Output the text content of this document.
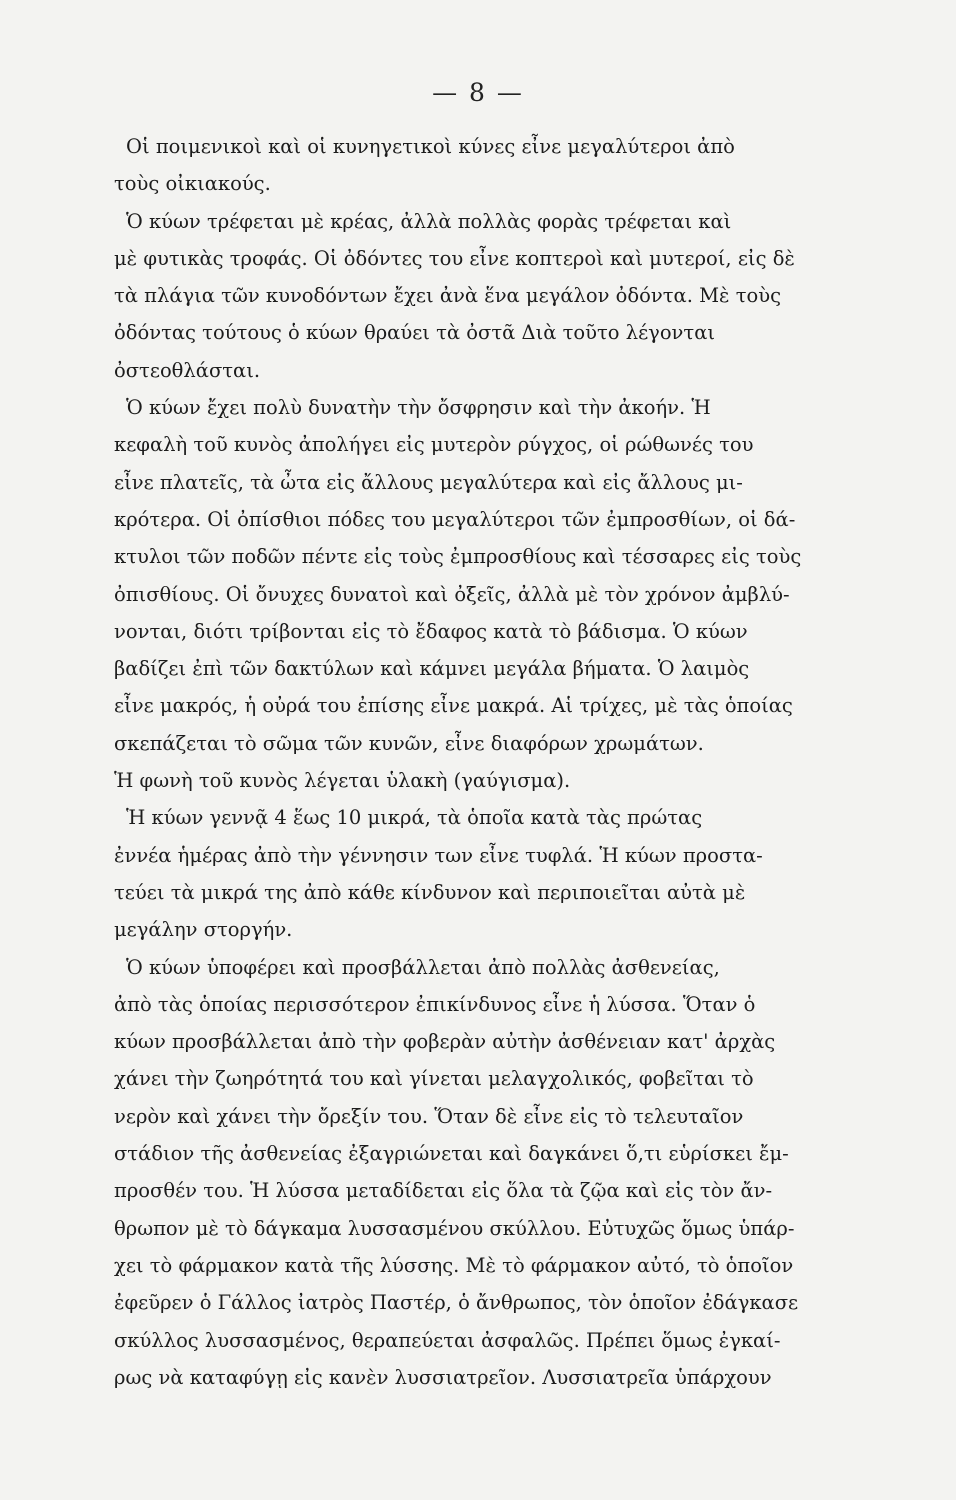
— 8 —
Οἱ ποιμενικοὶ καὶ οἱ κυνηγετικοὶ κύνες εἶνε μεγαλύτεροι ἀπὸ
τοὺς οἰκιακούς.
Ὁ κύων τρέφεται μὲ κρέας, ἀλλὰ πολλὰς φορὰς τρέφεται καὶ
μὲ φυτικὰς τροφάς. Οἱ ὀδόντες του εἶνε κοπτεροὶ καὶ μυτεροί, εἰς δὲ
τὰ πλάγια τῶν κυνοδόντων ἔχει ἀνὰ ἕνα μεγάλον ὀδόντα. Μὲ τοὺς
ὀδόντας τούτους ὁ κύων θραύει τὰ ὀστᾶ Διὰ τοῦτο λέγονται
ὀστεοθλάσται.
Ὁ κύων ἔχει πολὺ δυνατὴν τὴν ὄσφρησιν καὶ τὴν ἀκοήν. Ἡ
κεφαλὴ τοῦ κυνὸς ἀπολήγει εἰς μυτερὸν ρύγχος, οἱ ρώθωνές του
εἶνε πλατεῖς, τὰ ὦτα εἰς ἄλλους μεγαλύτερα καὶ εἰς ἄλλους μι-
κρότερα. Οἱ ὀπίσθιοι πόδες του μεγαλύτεροι τῶν ἐμπροσθίων, οἱ δά-
κτυλοι τῶν ποδῶν πέντε εἰς τοὺς ἐμπροσθίους καὶ τέσσαρες εἰς τοὺς
ὀπισθίους. Οἱ ὄνυχες δυνατοὶ καὶ ὀξεῖς, ἀλλὰ μὲ τὸν χρόνον ἀμβλύ-
νονται, διότι τρίβονται εἰς τὸ ἔδαφος κατὰ τὸ βάδισμα. Ὁ κύων
βαδίζει ἐπὶ τῶν δακτύλων καὶ κάμνει μεγάλα βήματα. Ὁ λαιμὸς
εἶνε μακρός, ἡ οὐρά του ἐπίσης εἶνε μακρά. Αἱ τρίχες, μὲ τὰς ὁποίας
σκεπάζεται τὸ σῶμα τῶν κυνῶν, εἶνε διαφόρων χρωμάτων.
Ἡ φωνὴ τοῦ κυνὸς λέγεται ὑλακὴ (γαύγισμα).
Ἡ κύων γεννᾷ 4 ἕως 10 μικρά, τὰ ὁποῖα κατὰ τὰς πρώτας
ἐννέα ἡμέρας ἀπὸ τὴν γέννησιν των εἶνε τυφλά. Ἡ κύων προστα-
τεύει τὰ μικρά της ἀπὸ κάθε κίνδυνον καὶ περιποιεῖται αὐτὰ μὲ
μεγάλην στοργήν.
Ὁ κύων ὑποφέρει καὶ προσβάλλεται ἀπὸ πολλὰς ἀσθενείας,
ἀπὸ τὰς ὁποίας περισσότερον ἐπικίνδυνος εἶνε ἡ λύσσα. Ὅταν ὁ
κύων προσβάλλεται ἀπὸ τὴν φοβερὰν αὐτὴν ἀσθένειαν κατ' ἀρχὰς
χάνει τὴν ζωηρότητά του καὶ γίνεται μελαγχολικός, φοβεῖται τὸ
νερὸν καὶ χάνει τὴν ὄρεξίν του. Ὅταν δὲ εἶνε εἰς τὸ τελευταῖον
στάδιον τῆς ἀσθενείας ἐξαγριώνεται καὶ δαγκάνει ὅ,τι εὑρίσκει ἔμ-
προσθέν του. Ἡ λύσσα μεταδίδεται εἰς ὅλα τὰ ζῷα καὶ εἰς τὸν ἄν-
θρωπον μὲ τὸ δάγκαμα λυσσασμένου σκύλλου. Εὐτυχῶς ὅμως ὑπάρ-
χει τὸ φάρμακον κατὰ τῆς λύσσης. Μὲ τὸ φάρμακον αὐτό, τὸ ὁποῖον
ἐφεῦρεν ὁ Γάλλος ἰατρὸς Παστέρ, ὁ ἄνθρωπος, τὸν ὁποῖον ἐδάγκασε
σκύλλος λυσσασμένος, θεραπεύεται ἀσφαλῶς. Πρέπει ὅμως ἐγκαί-
ρως νὰ καταφύγῃ εἰς κανὲν λυσσιατρεῖον. Λυσσιατρεῖα ὑπάρχουν
